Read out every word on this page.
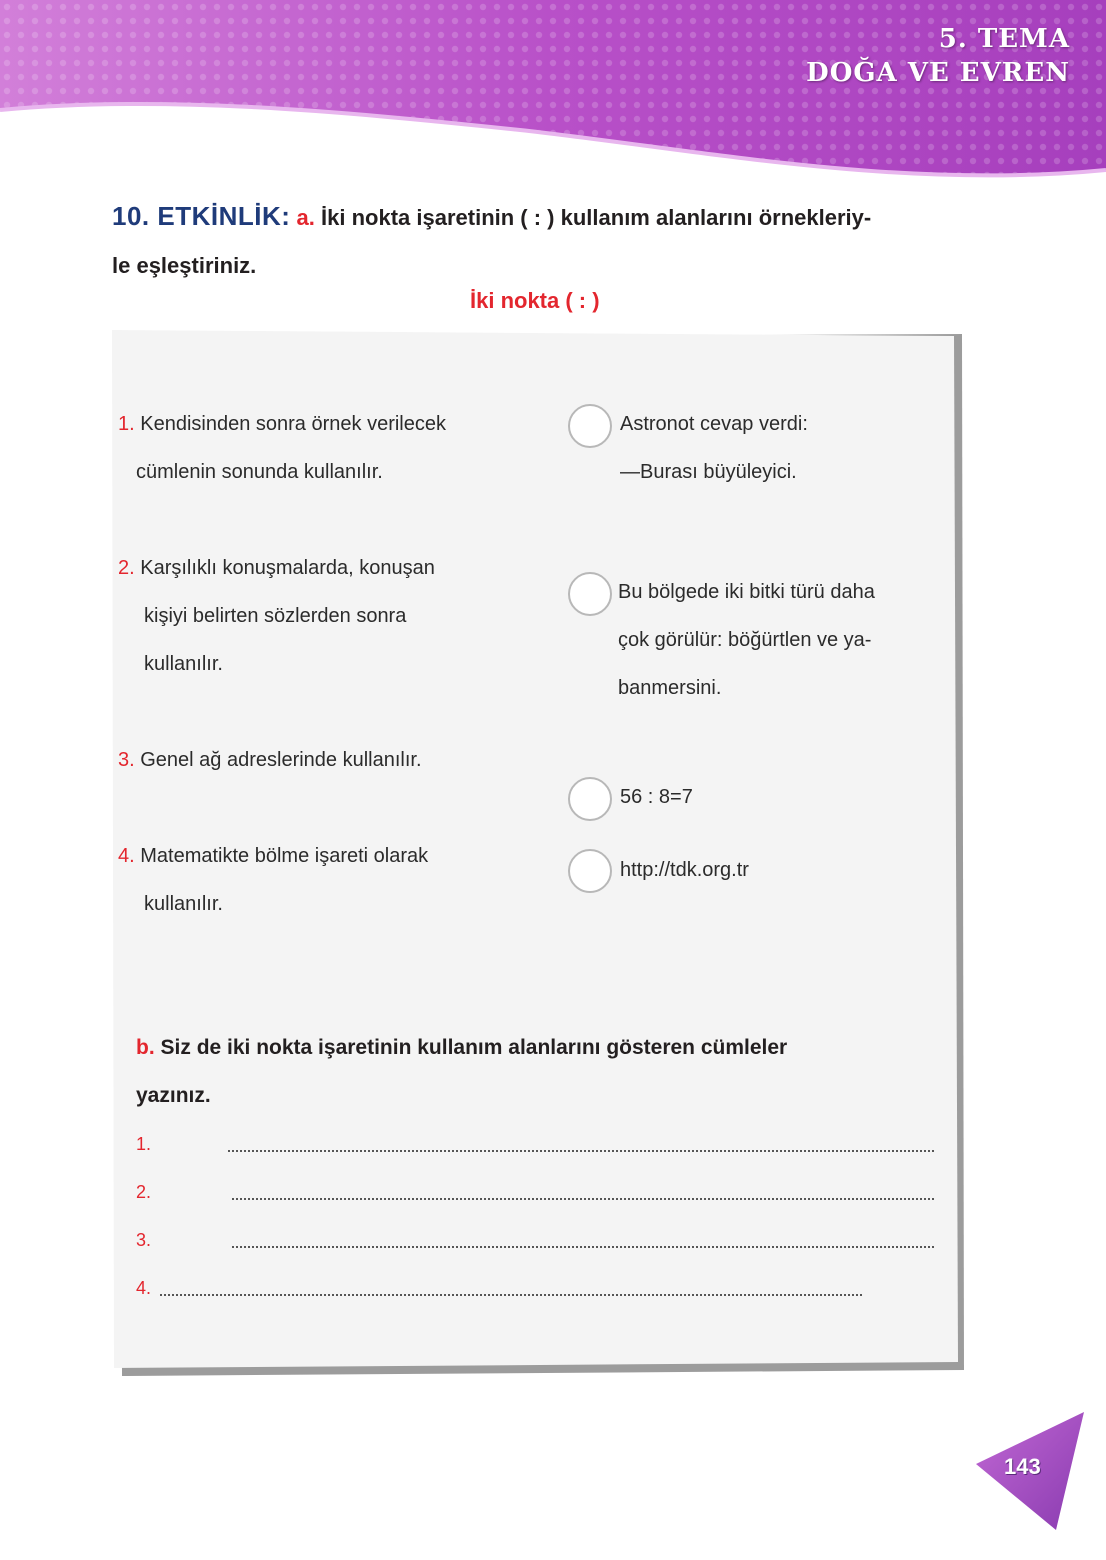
5. TEMA
DOĞA VE EVREN
10. ETKİNLİK: a. İki nokta işaretinin ( : ) kullanım alanlarını örnekleriy-
le eşleştiriniz.
İki nokta ( : )
1. Kendisinden sonra örnek verilecek
cümlenin sonunda kullanılır.
2. Karşılıklı konuşmalarda, konuşan
kişiyi belirten sözlerden sonra
kullanılır.
3. Genel ağ adreslerinde kullanılır.
4. Matematikte bölme işareti olarak
kullanılır.
Astronot cevap verdi:
—Burası büyüleyici.
Bu bölgede iki bitki türü daha
çok görülür: böğürtlen ve ya-
banmersini.
56 : 8=7
http://tdk.org.tr
b. Siz de iki nokta işaretinin kullanım alanlarını gösteren cümleler
yazınız.
1.
2.
3.
4.
143
